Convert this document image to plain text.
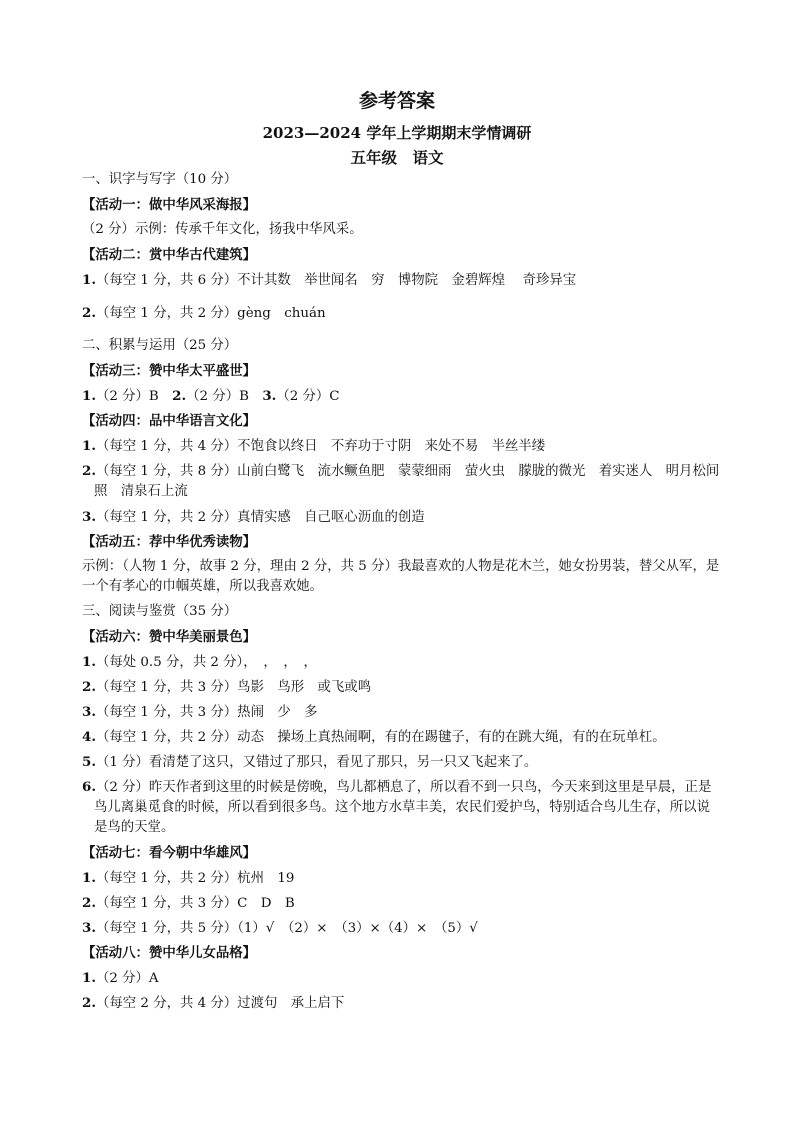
参考答案
2023—2024 学年上学期期末学情调研
五年级　语文
一、识字与写字（10 分）
【活动一：做中华风采海报】
（2 分）示例：传承千年文化，扬我中华风采。
【活动二：赏中华古代建筑】
1.（每空 1 分，共 6 分）不计其数　举世闻名　穷　博物院　金碧辉煌　 奇珍异宝
2.（每空 1 分，共 2 分）gèng　chuán
二、积累与运用（25 分）
【活动三：赞中华太平盛世】
1.（2 分）B　2.（2 分）B　3.（2 分）C
【活动四：品中华语言文化】
1.（每空 1 分，共 4 分）不饱食以终日　不弃功于寸阴　来处不易　半丝半缕
2.（每空 1 分，共 8 分）山前白鹭飞　流水鳜鱼肥　蒙蒙细雨　萤火虫　朦胧的微光　着实迷人　明月松间照　清泉石上流
3.（每空 1 分，共 2 分）真情实感　自己呕心沥血的创造
【活动五：荐中华优秀读物】
示例：（人物 1 分，故事 2 分，理由 2 分，共 5 分）我最喜欢的人物是花木兰，她女扮男装，替父从军，是一个有孝心的巾帼英雄，所以我喜欢她。
三、阅读与鉴赏（35 分）
【活动六：赞中华美丽景色】
1.（每处 0.5 分，共 2 分），　，　，　，
2.（每空 1 分，共 3 分）鸟影　鸟形　或飞或鸣
3.（每空 1 分，共 3 分）热闹　少　多
4.（每空 1 分，共 2 分）动态　操场上真热闹啊，有的在踢毽子，有的在跳大绳，有的在玩单杠。
5.（1 分）看清楚了这只，又错过了那只，看见了那只，另一只又飞起来了。
6.（2 分）昨天作者到这里的时候是傍晚，鸟儿都栖息了，所以看不到一只鸟，今天来到这里是早晨，正是鸟儿离巢觅食的时候，所以看到很多鸟。这个地方水草丰美，农民们爱护鸟，特别适合鸟儿生存，所以说是鸟的天堂。
【活动七：看今朝中华雄风】
1.（每空 1 分，共 2 分）杭州　19
2.（每空 1 分，共 3 分）C　D　B
3.（每空 1 分，共 5 分）（1）√　（2）×　（3）×（4）×　（5）√
【活动八：赞中华儿女品格】
1.（2 分）A
2.（每空 2 分，共 4 分）过渡句　承上启下
